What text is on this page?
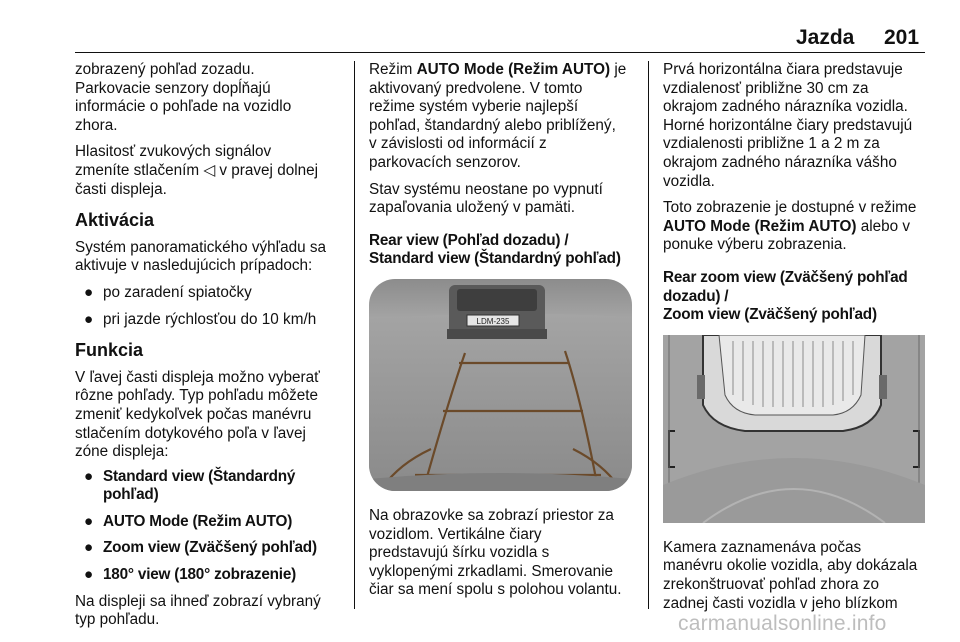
Jazda 201

zobrazený pohľad zozadu.
Parkovacie senzory dopĺňajú
informácie o pohľade na vozidlo
zhora.

Hlasitosť zvukových signálov
zmeníte stlačením ◁ v pravej dolnej
časti displeja.

Aktivácia

Systém panoramatického výhľadu sa
aktivuje v nasledujúcich prípadoch:

● po zaradení spiatočky
● pri jazde rýchlosťou do 10 km/h
Funkcia

V ľavej časti displeja možno vyberať
rôzne pohľady. Typ pohľadu môžete
zmeniť kedykoľvek počas manévru
stlačením dotykového poľa v ľavej
zóne displeja:

● Standard view (Štandardný
pohľad)
● AUTO Mode (Režim AUTO)
● Zoom view (Zväčšený pohľad)
● 180° view (180° zobrazenie)

Na displeji sa ihneď zobrazí vybraný
typ pohľadu.

Režim AUTO Mode (Režim AUTO) je
aktivovaný predvolene. V tomto
režime systém vyberie najlepší
pohľad, štandardný alebo priblížený,
v závislosti od informácií z
parkovacích senzorov.

Stav systému neostane po vypnutí
zapaľovania uložený v pamäti.

Rear view (Pohľad dozadu) /
Standard view (Štandardný pohľad)
LDM-235

Na obrazovke sa zobrazí priestor za
vozidlom. Vertikálne čiary
predstavujú šírku vozidla s
vyklopenými zrkadlami. Smerovanie
čiar sa mení spolu s polohou volantu.

Prvá horizontálna čiara predstavuje
vzdialenosť približne 30 cm za
okrajom zadného nárazníka vozidla.
Horné horizontálne čiary predstavujú
vzdialenosti približne 1 a 2 m za
okrajom zadného nárazníka vášho
vozidla.

Toto zobrazenie je dostupné v režime
AUTO Mode (Režim AUTO) alebo v
ponuke výberu zobrazenia.

Rear zoom view (Zväčšený pohľad
dozadu) /
Zoom view (Zväčšený pohľad)

Kamera zaznamenáva počas
manévru okolie vozidla, aby dokázala
zrekonštruovať pohľad zhora zo
zadnej časti vozidla v jeho blízkom

carmanualsonline.info
